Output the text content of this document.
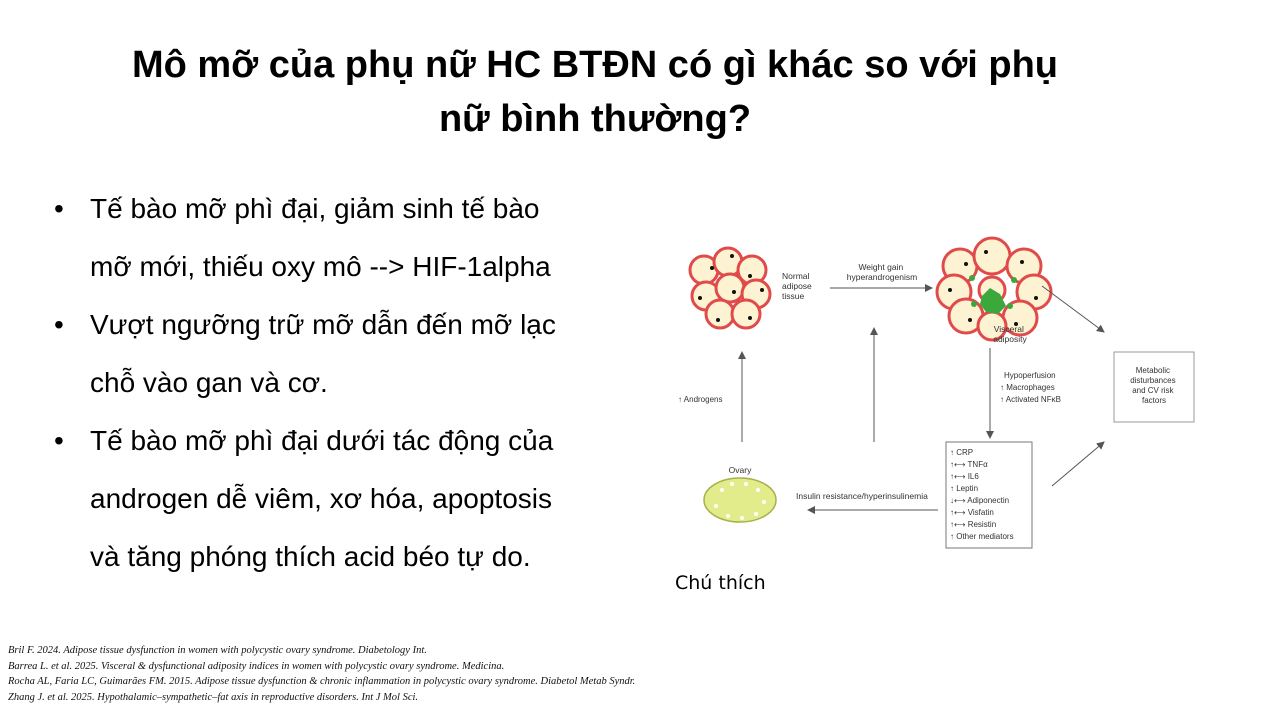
Mô mỡ của phụ nữ HC BTĐN có gì khác so với phụ
nữ bình thường?
• Tế bào mỡ phì đại, giảm sinh tế bào
mỡ mới, thiếu oxy mô --> HIF-1alpha
• Vượt ngưỡng trữ mỡ dẫn đến mỡ lạc
chỗ vào gan và cơ.
• Tế bào mỡ phì đại dưới tác động của
androgen dễ viêm, xơ hóa, apoptosis
và tăng phóng thích acid béo tự do.
Normal adipose tissue
Weight gain hyperandrogenism
Visceral adiposity
Metabolic disturbances and CV risk factors
Hypoperfusion
↑ Macrophages
↑ Activated NFκB
↑ CRP
↑⟷ TNFα
↑⟷ IL6
↑ Leptin
↓⟷ Adiponectin
↑⟷ Visfatin
↑⟷ Resistin
↑ Other mediators
Insulin resistance/hyperinsulinemia
Ovary
↑ Androgens
Chú thích
Bril F. 2024. Adipose tissue dysfunction in women with polycystic ovary syndrome. Diabetology Int.
Barrea L. et al. 2025. Visceral & dysfunctional adiposity indices in women with polycystic ovary syndrome. Medicina.
Rocha AL, Faria LC, Guimarães FM. 2015. Adipose tissue dysfunction & chronic inflammation in polycystic ovary syndrome. Diabetol Metab Syndr.
Zhang J. et al. 2025. Hypothalamic–sympathetic–fat axis in reproductive disorders. Int J Mol Sci.
